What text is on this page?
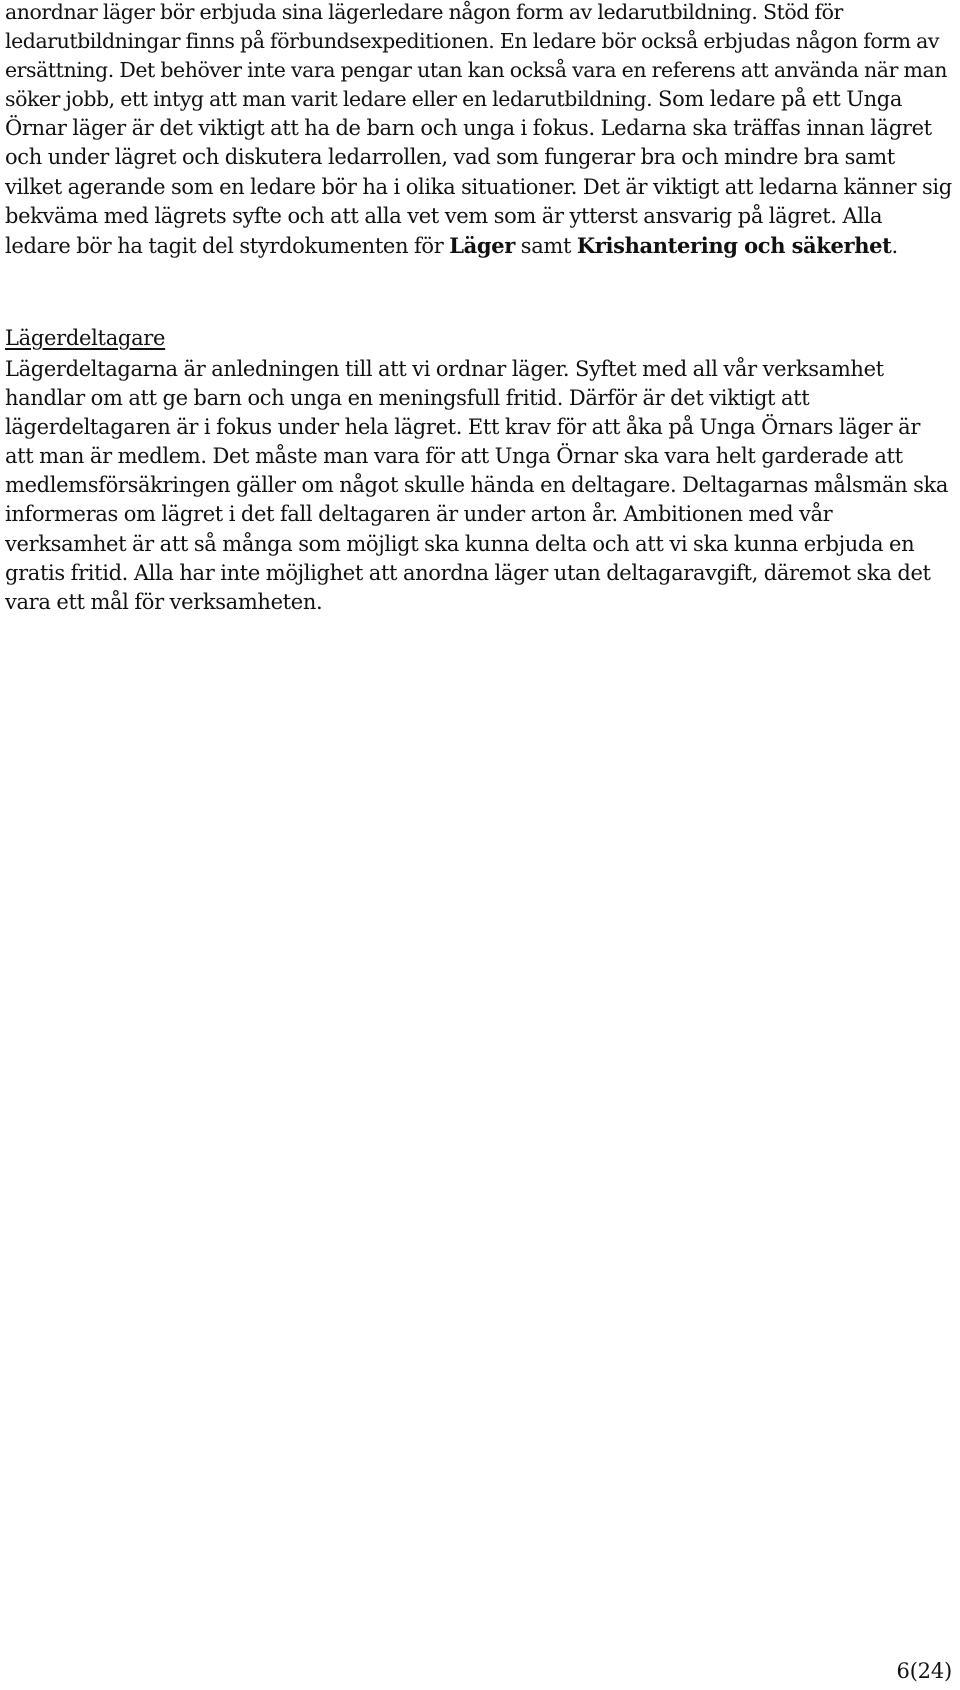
anordnar läger bör erbjuda sina lägerledare någon form av ledarutbildning. Stöd för ledarutbildningar finns på förbundsexpeditionen. En ledare bör också erbjudas någon form av ersättning. Det behöver inte vara pengar utan kan också vara en referens att använda när man söker jobb, ett intyg att man varit ledare eller en ledarutbildning. Som ledare på ett Unga Örnar läger är det viktigt att ha de barn och unga i fokus. Ledarna ska träffas innan lägret och under lägret och diskutera ledarrollen, vad som fungerar bra och mindre bra samt vilket agerande som en ledare bör ha i olika situationer. Det är viktigt att ledarna känner sig bekväma med lägrets syfte och att alla vet vem som är ytterst ansvarig på lägret. Alla ledare bör ha tagit del styrdokumenten för Läger samt Krishantering och säkerhet.

Lägerdeltagare

Lägerdeltagarna är anledningen till att vi ordnar läger. Syftet med all vår verksamhet handlar om att ge barn och unga en meningsfull fritid. Därför är det viktigt att lägerdeltagaren är i fokus under hela lägret. Ett krav för att åka på Unga Örnars läger är att man är medlem. Det måste man vara för att Unga Örnar ska vara helt garderade att medlemsförsäkringen gäller om något skulle hända en deltagare. Deltagarnas målsmän ska informeras om lägret i det fall deltagaren är under arton år. Ambitionen med vår verksamhet är att så många som möjligt ska kunna delta och att vi ska kunna erbjuda en gratis fritid. Alla har inte möjlighet att anordna läger utan deltagaravgift, däremot ska det vara ett mål för verksamheten.

6(24)
